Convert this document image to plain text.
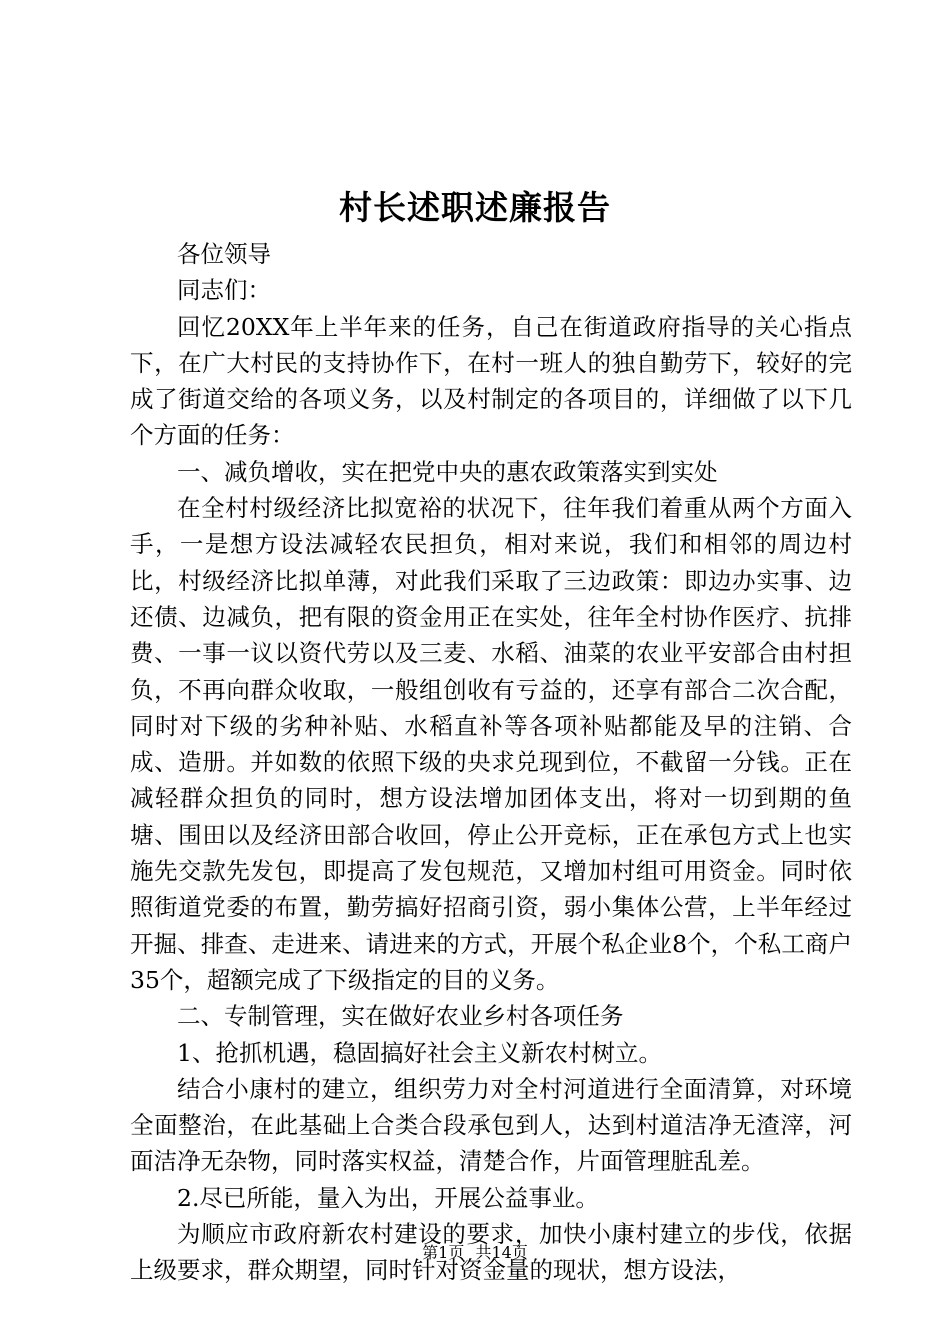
村长述职述廉报告

各位领导

同志们：

回忆20XX年上半年来的任务，自己在街道政府指导的关心指点下，在广大村民的支持协作下，在村一班人的独自勤劳下，较好的完成了街道交给的各项义务，以及村制定的各项目的，详细做了以下几个方面的任务：

一、减负增收，实在把党中央的惠农政策落实到实处

在全村村级经济比拟宽裕的状况下，往年我们着重从两个方面入手，一是想方设法减轻农民担负，相对来说，我们和相邻的周边村比，村级经济比拟单薄，对此我们采取了三边政策：即边办实事、边还债、边减负，把有限的资金用正在实处，往年全村协作医疗、抗排费、一事一议以资代劳以及三麦、水稻、油菜的农业平安部合由村担负，不再向群众收取，一般组创收有亏益的，还享有部合二次合配，同时对下级的劣种补贴、水稻直补等各项补贴都能及早的注销、合成、造册。并如数的依照下级的央求兑现到位，不截留一分钱。正在减轻群众担负的同时，想方设法增加团体支出，将对一切到期的鱼塘、围田以及经济田部合收回，停止公开竞标，正在承包方式上也实施先交款先发包，即提高了发包规范，又增加村组可用资金。同时依照街道党委的布置，勤劳搞好招商引资，弱小集体公营，上半年经过开掘、排查、走进来、请进来的方式，开展个私企业8个，个私工商户35个，超额完成了下级指定的目的义务。

二、专制管理，实在做好农业乡村各项任务

1、抢抓机遇，稳固搞好社会主义新农村树立。

结合小康村的建立，组织劳力对全村河道进行全面清算，对环境全面整治，在此基础上合类合段承包到人，达到村道洁净无渣滓，河面洁净无杂物，同时落实权益，清楚合作，片面管理脏乱差。

2.尽已所能，量入为出，开展公益事业。

为顺应市政府新农村建设的要求，加快小康村建立的步伐，依据上级要求，群众期望，同时针对资金量的现状，想方设法，

第1页 共14页
